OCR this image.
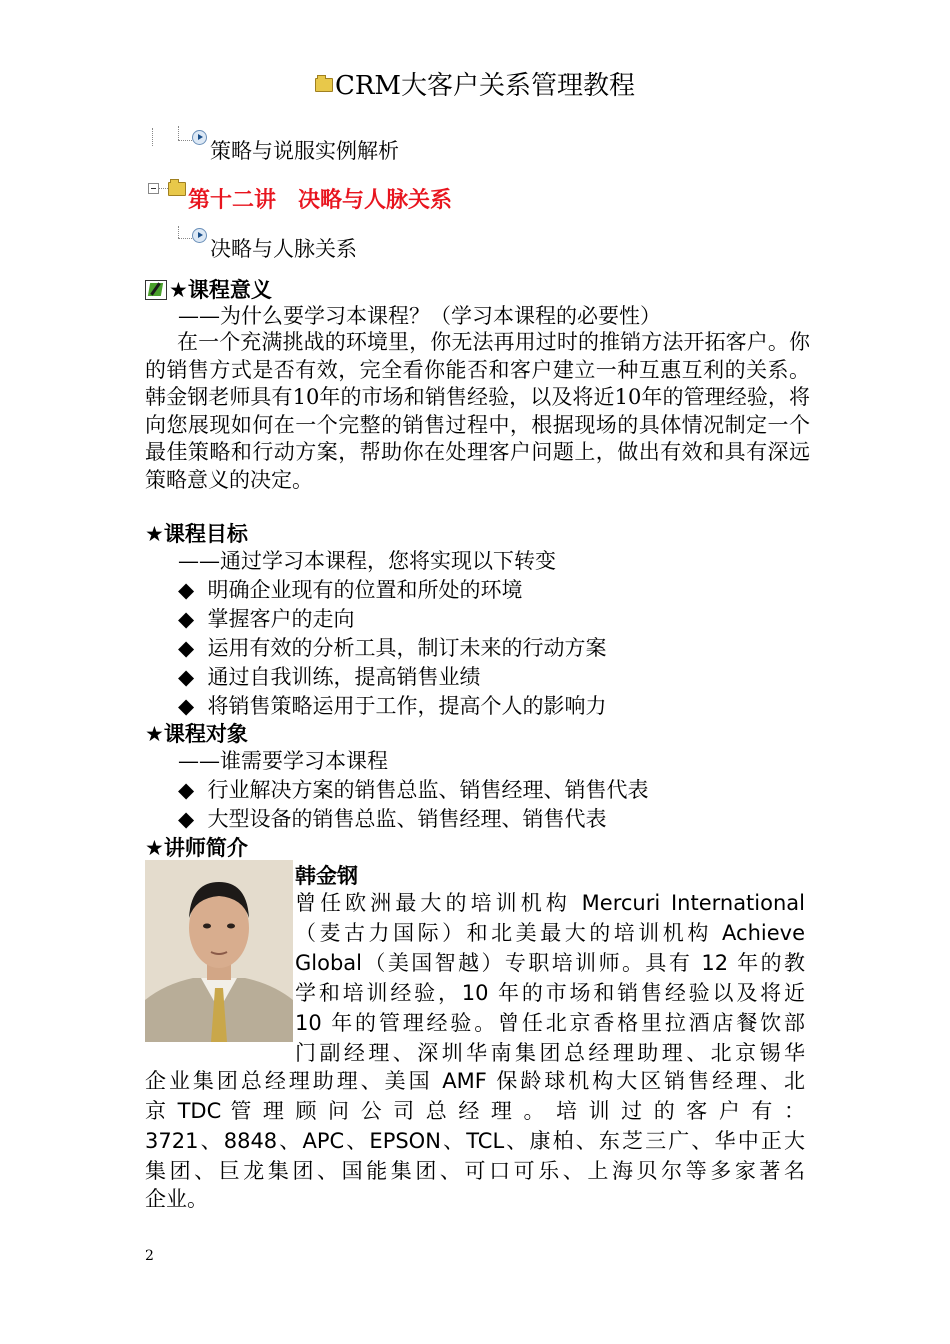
CRM大客户关系管理教程
策略与说服实例解析
第十二讲　决略与人脉关系
决略与人脉关系
★课程意义
——为什么要学习本课程？（学习本课程的必要性）
在一个充满挑战的环境里，你无法再用过时的推销方法开拓客户。你的销售方式是否有效，完全看你能否和客户建立一种互惠互利的关系。韩金钢老师具有10年的市场和销售经验，以及将近10年的管理经验，将向您展现如何在一个完整的销售过程中，根据现场的具体情况制定一个最佳策略和行动方案，帮助你在处理客户问题上，做出有效和具有深远策略意义的决定。
★课程目标
——通过学习本课程，您将实现以下转变
◆ 明确企业现有的位置和所处的环境
◆ 掌握客户的走向
◆ 运用有效的分析工具，制订未来的行动方案
◆ 通过自我训练，提高销售业绩
◆ 将销售策略运用于工作，提高个人的影响力
★课程对象
——谁需要学习本课程
◆ 行业解决方案的销售总监、销售经理、销售代表
◆ 大型设备的销售总监、销售经理、销售代表
★讲师简介
韩金钢
曾任欧洲最大的培训机构 Mercuri International
（麦古力国际）和北美最大的培训机构 Achieve
Global（美国智越）专职培训师。具有 12 年的教
学和培训经验，10 年的市场和销售经验以及将近
10 年的管理经验。曾任北京香格里拉酒店餐饮部
门副经理、深圳华南集团总经理助理、北京锡华
企业集团总经理助理、美国 AMF 保龄球机构大区销售经理、北
京 TDC 管 理 顾 问 公 司 总 经 理 。 培 训 过 的 客 户 有 ：
3721、8848、APC、EPSON、TCL、康柏、东芝三广、华中正大
集团、巨龙集团、国能集团、可口可乐、上海贝尔等多家著名
企业。
2
